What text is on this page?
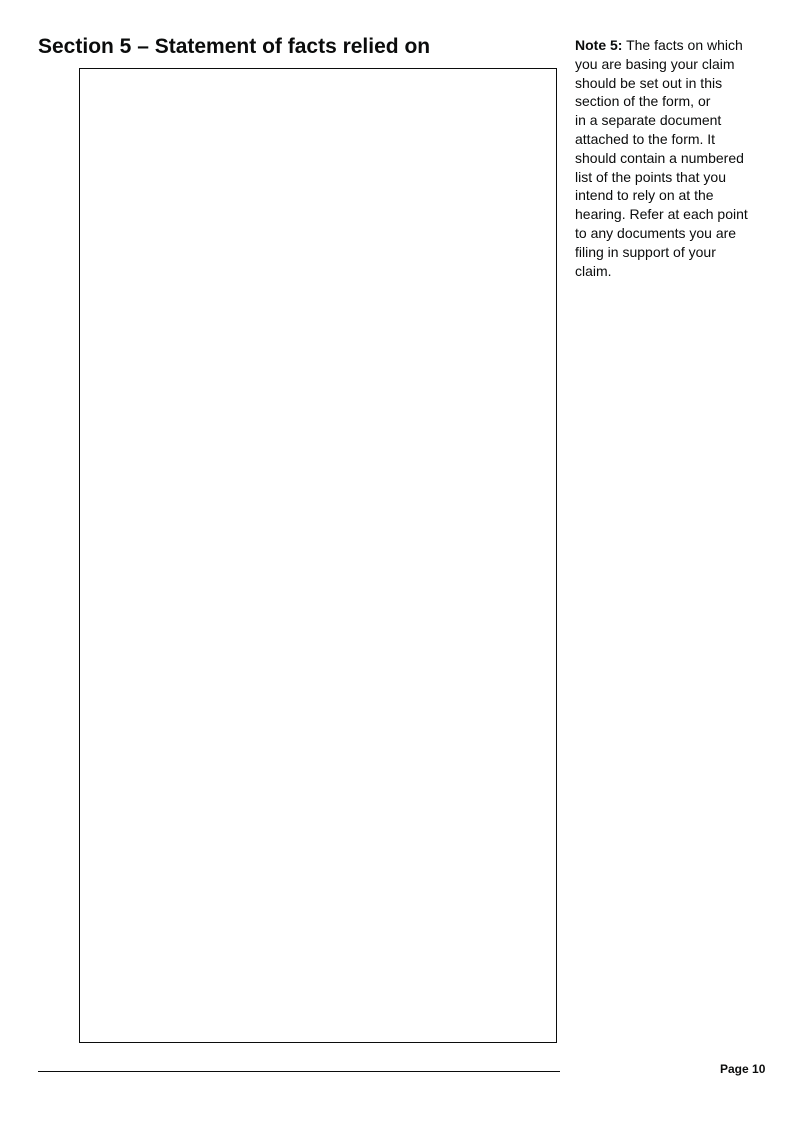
Section 5 – Statement of facts relied on	Note 5: The facts on which
you are basing your claim
should be set out in this
section of the form, or
in a separate document
attached to the form. It
should contain a numbered
list of the points that you
intend to rely on at the
hearing. Refer at each point
to any documents you are
filing in support of your
claim.
Page 10
